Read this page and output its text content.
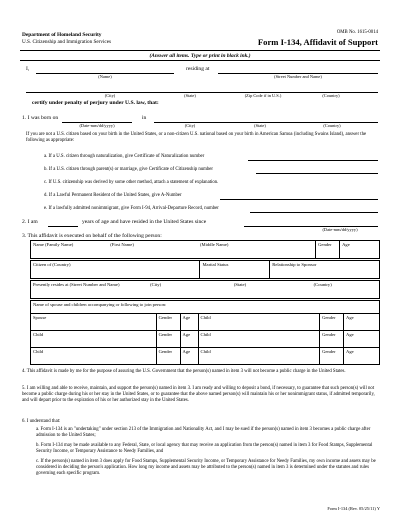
Department of Homeland Security
U.S. Citizenship and Immigration Services
OMB No. 1615-0014
Form I-134, Affidavit of Support
(Answer all items. Type or print in black ink.)
I,	residing at
(Name)	(Street Number and Name)
(City)	(State)	(Zip Code if in U.S.)	(Country)
certify under penalty of perjury under U.S. law, that:
1. I was born on	in
(Date-mm/dd/yyyy)	(City)	(State)	(Country)
If you are not a U.S. citizen based on your birth in the United States, or a non-citizen U.S. national based on your birth in American Samoa (including Swains Island), answer the following as appropriate:
a. If a U.S. citizen through naturalization, give Certificate of Naturalization number
b. If a U.S. citizen through parent(s) or marriage, give Certificate of Citizenship number
c. If U.S. citizenship was derived by some other method, attach a statement of explanation.
d. If a Lawful Permanent Resident of the United States, give A-Number
e. If a lawfully admitted nonimmigrant, give Form I-94, Arrival-Departure Record, number
2. I am	years of age and have resided in the United States since
(Date-mm/dd/yyyy)
3. This affidavit is executed on behalf of the following person:
Name (Family Name)	(First Name)	(Middle Name)	Gender	Age
Citizen of (Country)	Marital Status	Relationship to Sponsor
Presently resides at (Street Number and Name)	(City)	(State)	(Country)
Name of spouse and children accompanying or following to join person:					
Spouse	Gender	Age	Child	Gender	Age
Child	Gender	Age	Child	Gender	Age
Child	Gender	Age	Child	Gender	Age
4. This affidavit is made by me for the purpose of assuring the U.S. Government that the person(s) named in item 3 will not become a public charge in the United States.
5. I am willing and able to receive, maintain, and support the person(s) named in item 3. I am ready and willing to deposit a bond, if necessary, to guarantee that such person(s) will not become a public charge during his or her stay in the United States, or to guarantee that the above named person(s) will maintain his or her nonimmigrant status, if admitted temporarily, and will depart prior to the expiration of his or her authorized stay in the United States.
6. I understand that:
a. Form I-134 is an "undertaking" under section 213 of the Immigration and Nationality Act, and I may be sued if the person(s) named in item 3 becomes a public charge after admission to the United States;
b. Form I-134 may be made available to any Federal, State, or local agency that may receive an application from the person(s) named in item 3 for Food Stamps, Supplemental Security Income, or Temporary Assistance to Needy Families, and
c. If the person(s) named in item 3 does apply for Food Stamps, Supplemental Security Income, or Temporary Assistance for Needy Families, my own income and assets may be considered in deciding the person's application. How long my income and assets may be attributed to the person(s) named in item 3 is determined under the statutes and rules governing each specific program.
Form I-134 (Rev. 05/25/11) Y
